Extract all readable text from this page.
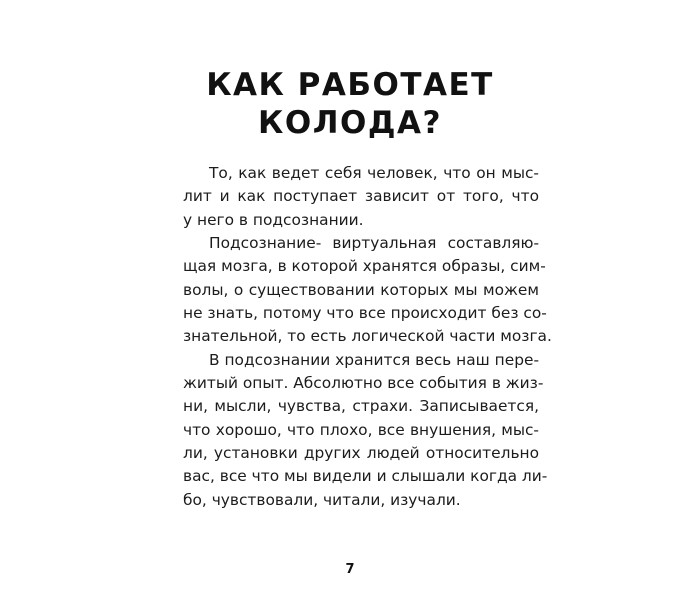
КАК РАБОТАЕТ
КОЛОДА?
То, как ведет себя человек, что он мыс-
лит и как поступает зависит от того, что
у него в подсознании.
Подсознание- виртуальная составляю-
щая мозга, в которой хранятся образы, сим-
волы, о существовании которых мы можем
не знать, потому что все происходит без со-
знательной, то есть логической части мозга.
В подсознании хранится весь наш пере-
житый опыт. Абсолютно все события в жиз-
ни, мысли, чувства, страхи. Записывается,
что хорошо, что плохо, все внушения, мыс-
ли, установки других людей относительно
вас, все что мы видели и слышали когда ли-
бо, чувствовали, читали, изучали.
7
